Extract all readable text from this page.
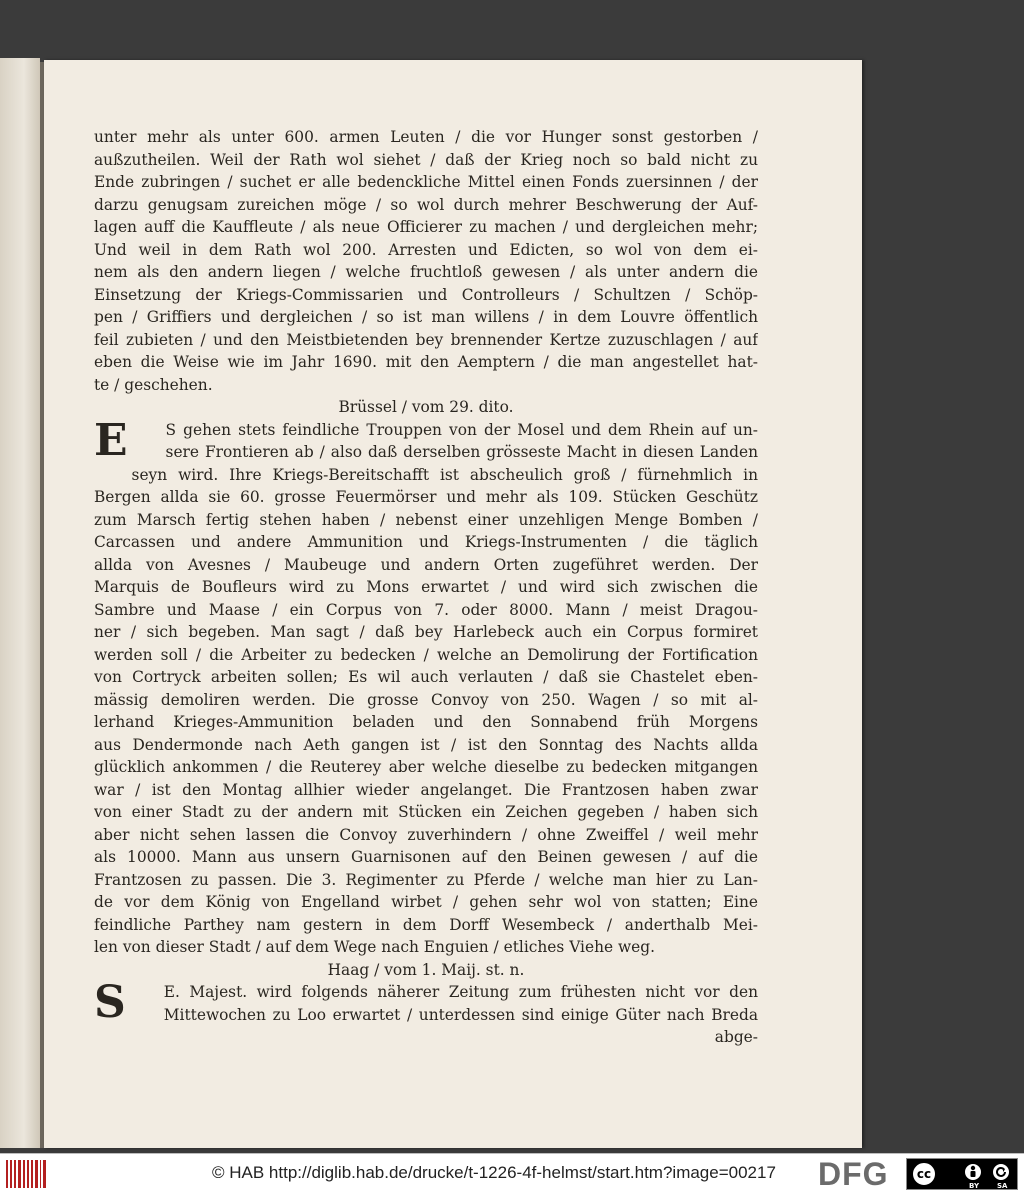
unter mehr als unter 600. armen Leuten / die vor Hunger sonst gestorben /
außzutheilen. Weil der Rath wol siehet / daß der Krieg noch so bald nicht zu
Ende zubringen / suchet er alle bedenckliche Mittel einen Fonds zuersinnen / der
darzu genugsam zureichen möge / so wol durch mehrer Beschwerung der Auf-
lagen auff die Kauffleute / als neue Officierer zu machen / und dergleichen mehr;
Und weil in dem Rath wol 200. Arresten und Edicten, so wol von dem ei-
nem als den andern liegen / welche fruchtloß gewesen / als unter andern die
Einsetzung der Kriegs-Commissarien und Controlleurs / Schultzen / Schöp-
pen / Griffiers und dergleichen / so ist man willens / in dem Louvre öffentlich
feil zubieten / und den Meistbietenden bey brennender Kertze zuzuschlagen / auf
eben die Weise wie im Jahr 1690. mit den Aemptern / die man angestellet hat-
te / geschehen.
Brüssel / vom 29. dito.
E	S gehen stets feindliche Trouppen von der Mosel und dem Rhein auf un-
sere Frontieren ab / also daß derselben grösseste Macht in diesen Landen
seyn wird. Ihre Kriegs-Bereitschafft ist abscheulich groß / fürnehmlich in
Bergen allda sie 60. grosse Feuermörser und mehr als 109. Stücken Geschütz
zum Marsch fertig stehen haben / nebenst einer unzehligen Menge Bomben /
Carcassen und andere Ammunition und Kriegs-Instrumenten / die täglich
allda von Avesnes / Maubeuge und andern Orten zugeführet werden. Der
Marquis de Boufleurs wird zu Mons erwartet / und wird sich zwischen die
Sambre und Maase / ein Corpus von 7. oder 8000. Mann / meist Dragou-
ner / sich begeben. Man sagt / daß bey Harlebeck auch ein Corpus formiret
werden soll / die Arbeiter zu bedecken / welche an Demolirung der Fortification
von Cortryck arbeiten sollen; Es wil auch verlauten / daß sie Chastelet eben-
mässig demoliren werden. Die grosse Convoy von 250. Wagen / so mit al-
lerhand Krieges-Ammunition beladen und den Sonnabend früh Morgens
aus Dendermonde nach Aeth gangen ist / ist den Sonntag des Nachts allda
glücklich ankommen / die Reuterey aber welche dieselbe zu bedecken mitgangen
war / ist den Montag allhier wieder angelanget. Die Frantzosen haben zwar
von einer Stadt zu der andern mit Stücken ein Zeichen gegeben / haben sich
aber nicht sehen lassen die Convoy zuverhindern / ohne Zweiffel / weil mehr
als 10000. Mann aus unsern Guarnisonen auf den Beinen gewesen / auf die
Frantzosen zu passen. Die 3. Regimenter zu Pferde / welche man hier zu Lan-
de vor dem König von Engelland wirbet / gehen sehr wol von statten; Eine
feindliche Parthey nam gestern in dem Dorff Wesembeck / anderthalb Mei-
len von dieser Stadt / auf dem Wege nach Enguien / etliches Viehe weg.
Haag / vom 1. Maij. st. n.
S	E. Majest. wird folgends näherer Zeitung zum frühesten nicht vor den
Mittewochen zu Loo erwartet / unterdessen sind einige Güter nach Breda
abge-
© HAB http://diglib.hab.de/drucke/t-1226-4f-helmst/start.htm?image=00217 DFG	cc
BY	SA
